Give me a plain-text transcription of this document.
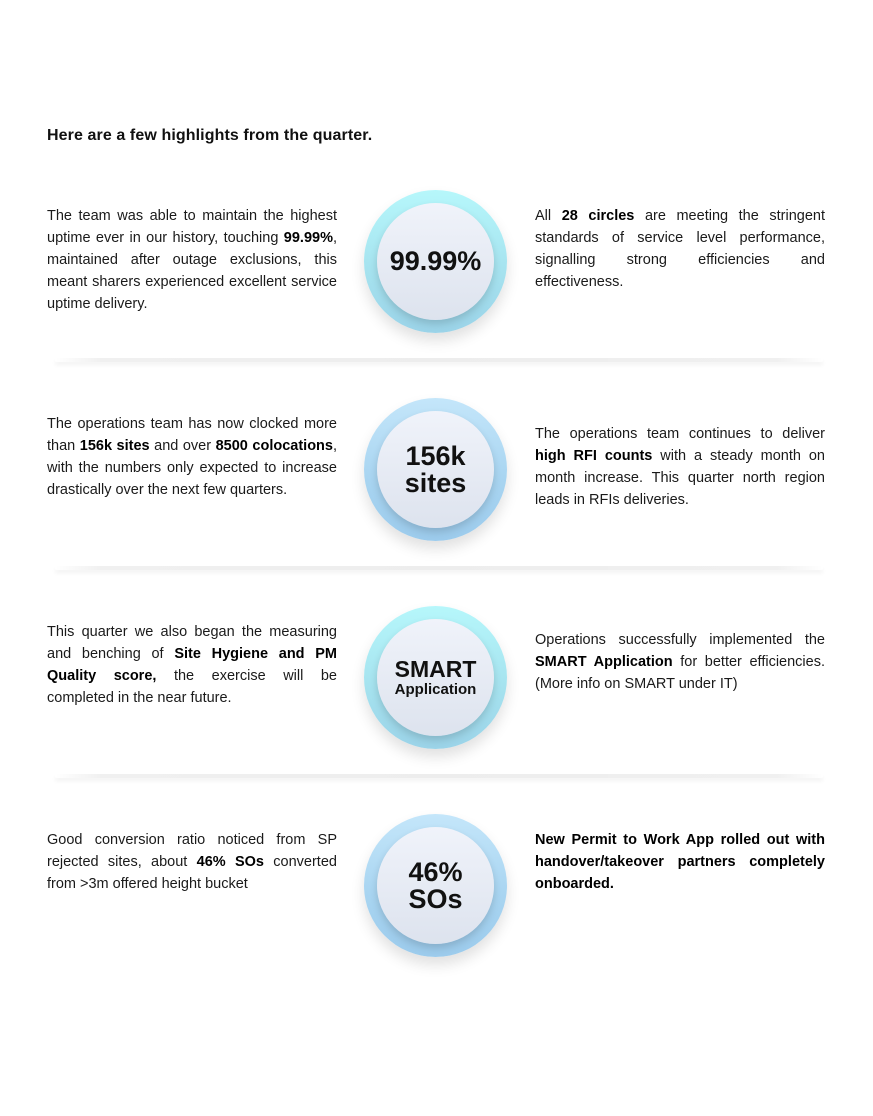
Here are a few highlights from the quarter.

The team was able to maintain the highest uptime ever in our history, touching 99.99%, maintained after outage exclusions, this meant sharers experienced excellent service uptime delivery.

99.99%

All 28 circles are meeting the stringent standards of service level performance, signalling strong efficiencies and effectiveness.

The operations team has now clocked more than 156k sites and over 8500 colocations, with the numbers only expected to increase drastically over the next few quarters.

156k
sites

The operations team continues to deliver high RFI counts with a steady month on month increase. This quarter north region leads in RFIs deliveries.

This quarter we also began the measuring and benching of Site Hygiene and PM Quality score, the exercise will be completed in the near future.

SMART
Application

Operations successfully implemented the SMART Application for better efficiencies. (More info on SMART under IT)

Good conversion ratio noticed from SP rejected sites, about 46% SOs converted from >3m offered height bucket	46%
SOs

New Permit to Work App rolled out with handover/takeover partners completely onboarded.
